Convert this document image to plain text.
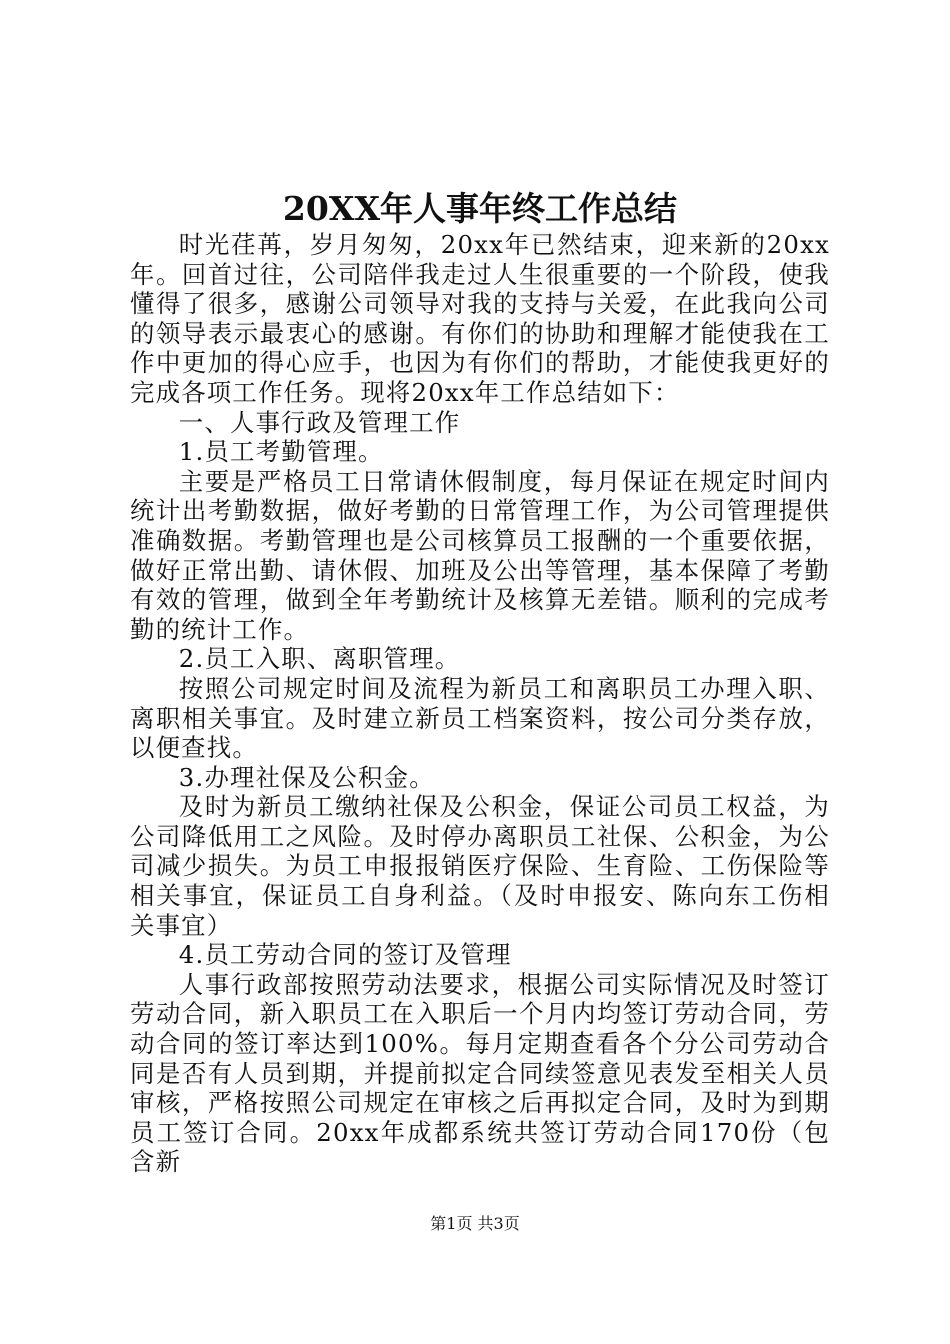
20XX年人事年终工作总结

时光荏苒，岁月匆匆，20xx年已然结束，迎来新的20xx年。回首过往，公司陪伴我走过人生很重要的一个阶段，使我懂得了很多，感谢公司领导对我的支持与关爱，在此我向公司的领导表示最衷心的感谢。有你们的协助和理解才能使我在工作中更加的得心应手，也因为有你们的帮助，才能使我更好的完成各项工作任务。现将20xx年工作总结如下：

一、人事行政及管理工作

1.员工考勤管理。

主要是严格员工日常请休假制度，每月保证在规定时间内统计出考勤数据，做好考勤的日常管理工作，为公司管理提供准确数据。考勤管理也是公司核算员工报酬的一个重要依据，做好正常出勤、请休假、加班及公出等管理，基本保障了考勤有效的管理，做到全年考勤统计及核算无差错。顺利的完成考勤的统计工作。

2.员工入职、离职管理。

按照公司规定时间及流程为新员工和离职员工办理入职、离职相关事宜。及时建立新员工档案资料，按公司分类存放，以便查找。

3.办理社保及公积金。

及时为新员工缴纳社保及公积金，保证公司员工权益，为公司降低用工之风险。及时停办离职员工社保、公积金，为公司减少损失。为员工申报报销医疗保险、生育险、工伤保险等相关事宜，保证员工自身利益。（及时申报安、陈向东工伤相关事宜）

4.员工劳动合同的签订及管理

人事行政部按照劳动法要求，根据公司实际情况及时签订劳动合同，新入职员工在入职后一个月内均签订劳动合同，劳动合同的签订率达到100%。每月定期查看各个分公司劳动合同是否有人员到期，并提前拟定合同续签意见表发至相关人员审核，严格按照公司规定在审核之后再拟定合同，及时为到期员工签订合同。20xx年成都系统共签订劳动合同170份（包含新

第1页 共3页
